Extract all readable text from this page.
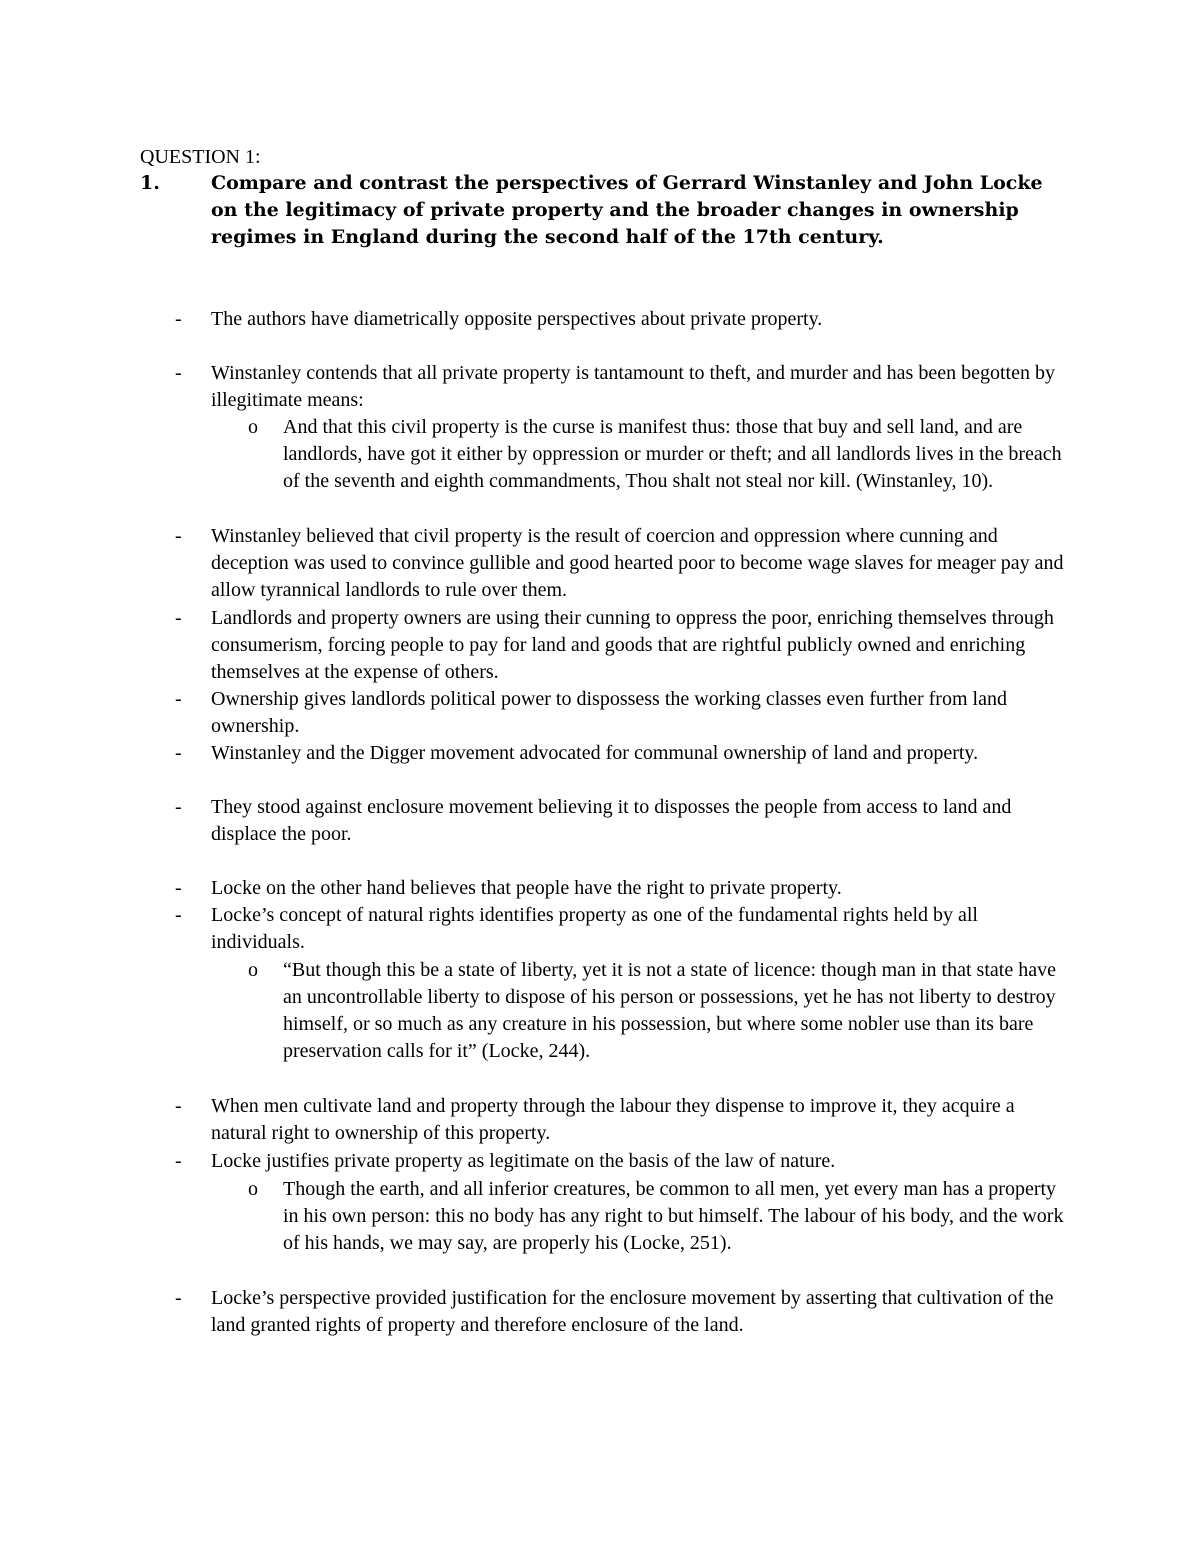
QUESTION 1:
1.	Compare and contrast the perspectives of Gerrard Winstanley and John Locke on the legitimacy of private property and the broader changes in ownership regimes in England during the second half of the 17th century.
- The authors have diametrically opposite perspectives about private property.
- Winstanley contends that all private property is tantamount to theft, and murder and has been begotten by illegitimate means:
o And that this civil property is the curse is manifest thus: those that buy and sell land, and are landlords, have got it either by oppression or murder or theft; and all landlords lives in the breach of the seventh and eighth commandments, Thou shalt not steal nor kill. (Winstanley, 10).
- Winstanley believed that civil property is the result of coercion and oppression where cunning and deception was used to convince gullible and good hearted poor to become wage slaves for meager pay and allow tyrannical landlords to rule over them.
- Landlords and property owners are using their cunning to oppress the poor, enriching themselves through consumerism, forcing people to pay for land and goods that are rightful publicly owned and enriching themselves at the expense of others.
- Ownership gives landlords political power to dispossess the working classes even further from land ownership.
- Winstanley and the Digger movement advocated for communal ownership of land and property.
- They stood against enclosure movement believing it to disposses the people from access to land and displace the poor.
- Locke on the other hand believes that people have the right to private property.
- Locke’s concept of natural rights identifies property as one of the fundamental rights held by all individuals.
o “But though this be a state of liberty, yet it is not a state of licence: though man in that state have an uncontrollable liberty to dispose of his person or possessions, yet he has not liberty to destroy himself, or so much as any creature in his possession, but where some nobler use than its bare preservation calls for it” (Locke, 244).
- When men cultivate land and property through the labour they dispense to improve it, they acquire a natural right to ownership of this property.
- Locke justifies private property as legitimate on the basis of the law of nature.
o Though the earth, and all inferior creatures, be common to all men, yet every man has a property in his own person: this no body has any right to but himself. The labour of his body, and the work of his hands, we may say, are properly his (Locke, 251).
- Locke’s perspective provided justification for the enclosure movement by asserting that cultivation of the land granted rights of property and therefore enclosure of the land.
